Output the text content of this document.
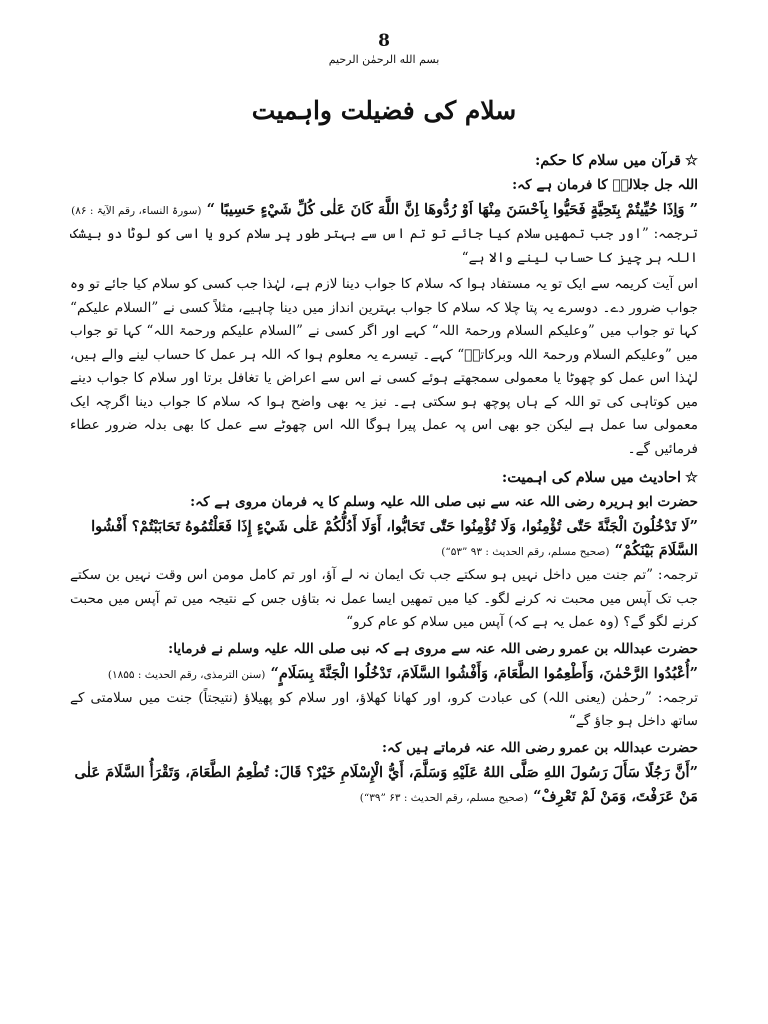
8

بسم الله الرحمٰن الرحیم

سلام کی فضیلت واہمیت

☆قرآن میں سلام کا حکم:

اللہ جل جلالہٗ کا فرمان ہے کہ:

” وَاِذَا حُيِّيتُمْ بِتَحِيَّةٍ فَحَيُّوا بِاَحْسَنَ مِنْهَا اَوْ رُدُّوهَا اِنَّ اللَّهَ كَانَ عَلٰى كُلِّ شَيْءٍ حَسِيبًا “ (سورۃ النساء، رقم الآیۃ : ۸۶)

ترجمہ: ”اور جب تمھیں سلام کیا جائے تو تم اس سے بہتر طور پر سلام کرو یا اسی کو لوٹا دو بیشک اللہ ہر چیز کا حساب لینے والا ہے“

اس آیت کریمہ سے ایک تو یہ مستفاد ہوا کہ سلام کا جواب دینا لازم ہے، لہٰذا جب کسی کو سلام کیا جائے تو وہ جواب ضرور دے۔ دوسرے یہ پتا چلا کہ سلام کا جواب بہترین انداز میں دینا چاہیے، مثلاً کسی نے ”السلام علیکم“ کہا تو جواب میں ”وعلیکم السلام ورحمۃ اللہ“ کہے اور اگر کسی نے ”السلام علیکم ورحمۃ اللہ“ کہا تو جواب میں ”وعلیکم السلام ورحمۃ اللہ وبرکاتہٗ“ کہے۔ تیسرے یہ معلوم ہوا کہ اللہ ہر عمل کا حساب لینے والے ہیں، لہٰذا اس عمل کو چھوٹا یا معمولی سمجھتے ہوئے کسی نے اس سے اعراض یا تغافل برتا اور سلام کا جواب دینے میں کوتاہی کی تو اللہ کے ہاں پوچھ ہو سکتی ہے۔ نیز یہ بھی واضح ہوا کہ سلام کا جواب دینا اگرچہ ایک معمولی سا عمل ہے لیکن جو بھی اس پہ عمل پیرا ہوگا اللہ اس چھوٹے سے عمل کا بھی بدلہ ضرور عطاء فرمائیں گے۔

☆احادیث میں سلام کی اہمیت:

حضرت ابو ہریرہ رضی اللہ عنہ سے نبی صلی اللہ علیہ وسلم کا یہ فرمان مروی ہے کہ:

”لَا تَدْخُلُونَ الْجَنَّةَ حَتّٰى تُؤْمِنُوا، وَلَا تُؤْمِنُوا حَتّٰى تَحَابُّوا، أَوَلَا أَدُلُّكُمْ عَلٰى شَيْءٍ إِذَا فَعَلْتُمُوهُ تَحَابَبْتُمْ؟ أَفْشُوا السَّلَامَ بَيْنَكُمْ“ (صحیح مسلم، رقم الحدیث : ۹۳ ”۵۳“)

ترجمہ: ”تم جنت میں داخل نہیں ہو سکتے جب تک ایمان نہ لے آؤ، اور تم کامل مومن اس وقت نہیں بن سکتے جب تک آپس میں محبت نہ کرنے لگو۔ کیا میں تمھیں ایسا عمل نہ بتاؤں جس کے نتیجہ میں تم آپس میں محبت کرنے لگو گے؟ (وہ عمل یہ ہے کہ) آپس میں سلام کو عام کرو“

حضرت عبداللہ بن عمرو رضی اللہ عنہ سے مروی ہے کہ نبی صلی اللہ علیہ وسلم نے فرمایا:

”أُعْبُدُوا الرَّحْمٰنَ، وَأَطْعِمُوا الطَّعَامَ، وَأَفْشُوا السَّلَامَ، تَدْخُلُوا الْجَنَّةَ بِسَلَامٍ“ (سنن الترمذی، رقم الحدیث : ۱۸۵۵)

ترجمہ: ”رحمٰن (یعنی اللہ) کی عبادت کرو، اور کھانا کھلاؤ، اور سلام کو پھیلاؤ (نتیجتاً) جنت میں سلامتی کے ساتھ داخل ہو جاؤ گے“

حضرت عبداللہ بن عمرو رضی اللہ عنہ فرماتے ہیں کہ:

”أَنَّ رَجُلًا سَأَلَ رَسُولَ اللهِ صَلَّى اللهُ عَلَيْهِ وَسَلَّمَ، أَيُّ الْإِسْلَامِ خَيْرٌ؟ قَالَ: تُطْعِمُ الطَّعَامَ، وَتَقْرَأُ السَّلَامَ عَلٰى مَنْ عَرَفْتَ، وَمَنْ لَمْ تَعْرِفْ“ (صحیح مسلم، رقم الحدیث : ۶۳ ”۳۹“)
